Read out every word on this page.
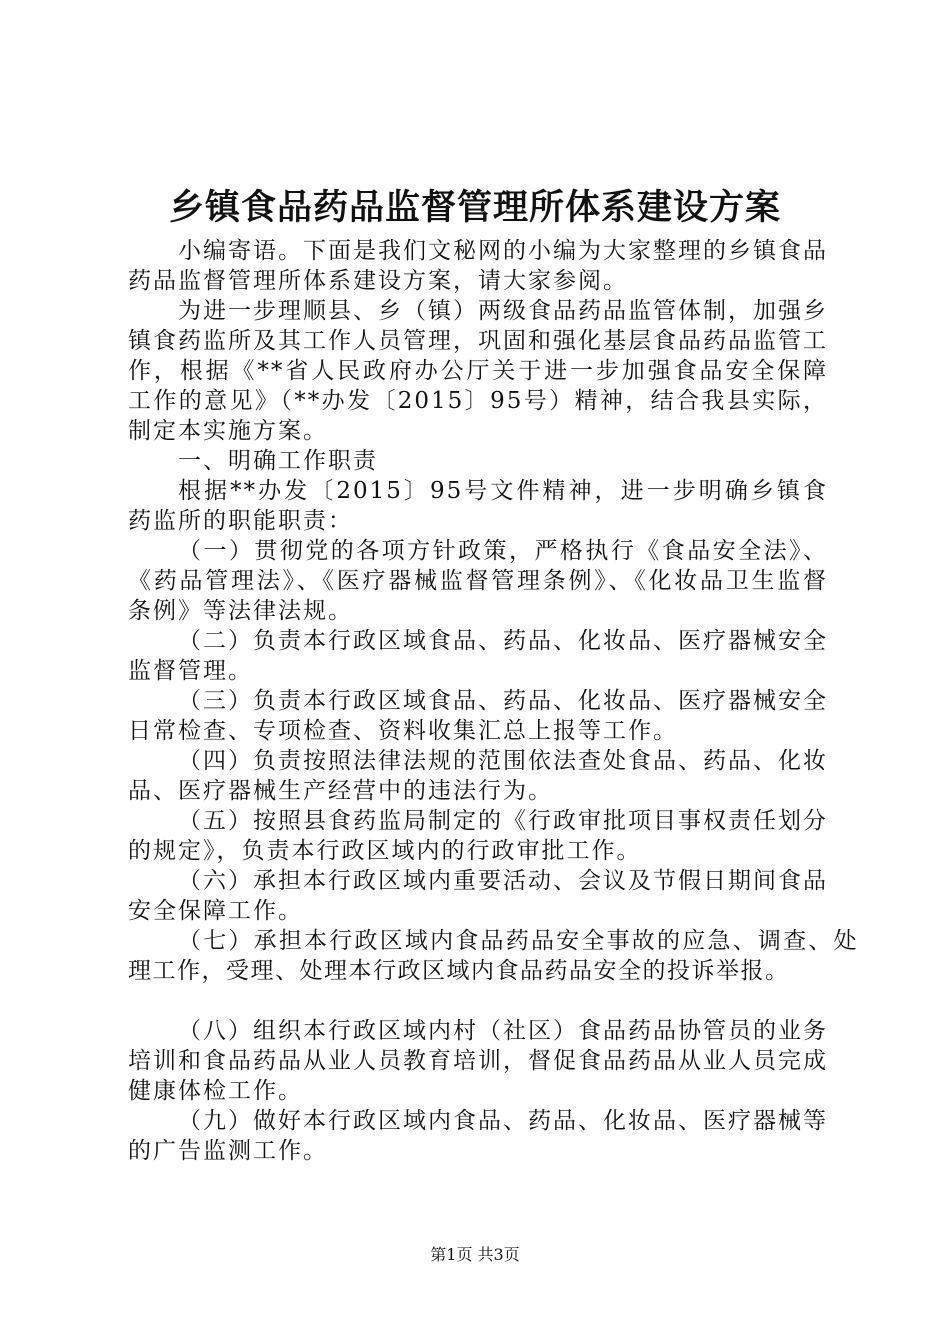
乡镇食品药品监督管理所体系建设方案

小编寄语。下面是我们文秘网的小编为大家整理的乡镇食品药品监督管理所体系建设方案，请大家参阅。

为进一步理顺县、乡（镇）两级食品药品监管体制，加强乡镇食药监所及其工作人员管理，巩固和强化基层食品药品监管工作，根据《**省人民政府办公厅关于进一步加强食品安全保障工作的意见》（**办发〔2015〕95号）精神，结合我县实际，制定本实施方案。

一、明确工作职责

根据**办发〔2015〕95号文件精神，进一步明确乡镇食药监所的职能职责：

（一）贯彻党的各项方针政策，严格执行《食品安全法》、《药品管理法》、《医疗器械监督管理条例》、《化妆品卫生监督条例》等法律法规。

（二）负责本行政区域食品、药品、化妆品、医疗器械安全监督管理。

（三）负责本行政区域食品、药品、化妆品、医疗器械安全日常检查、专项检查、资料收集汇总上报等工作。

（四）负责按照法律法规的范围依法查处食品、药品、化妆品、医疗器械生产经营中的违法行为。

（五）按照县食药监局制定的《行政审批项目事权责任划分的规定》，负责本行政区域内的行政审批工作。

（六）承担本行政区域内重要活动、会议及节假日期间食品安全保障工作。

（七）承担本行政区域内食品药品安全事故的应急、调查、处理工作，受理、处理本行政区域内食品药品安全的投诉举报。

（八）组织本行政区域内村（社区）食品药品协管员的业务培训和食品药品从业人员教育培训，督促食品药品从业人员完成健康体检工作。

（九）做好本行政区域内食品、药品、化妆品、医疗器械等的广告监测工作。

第1页 共3页
